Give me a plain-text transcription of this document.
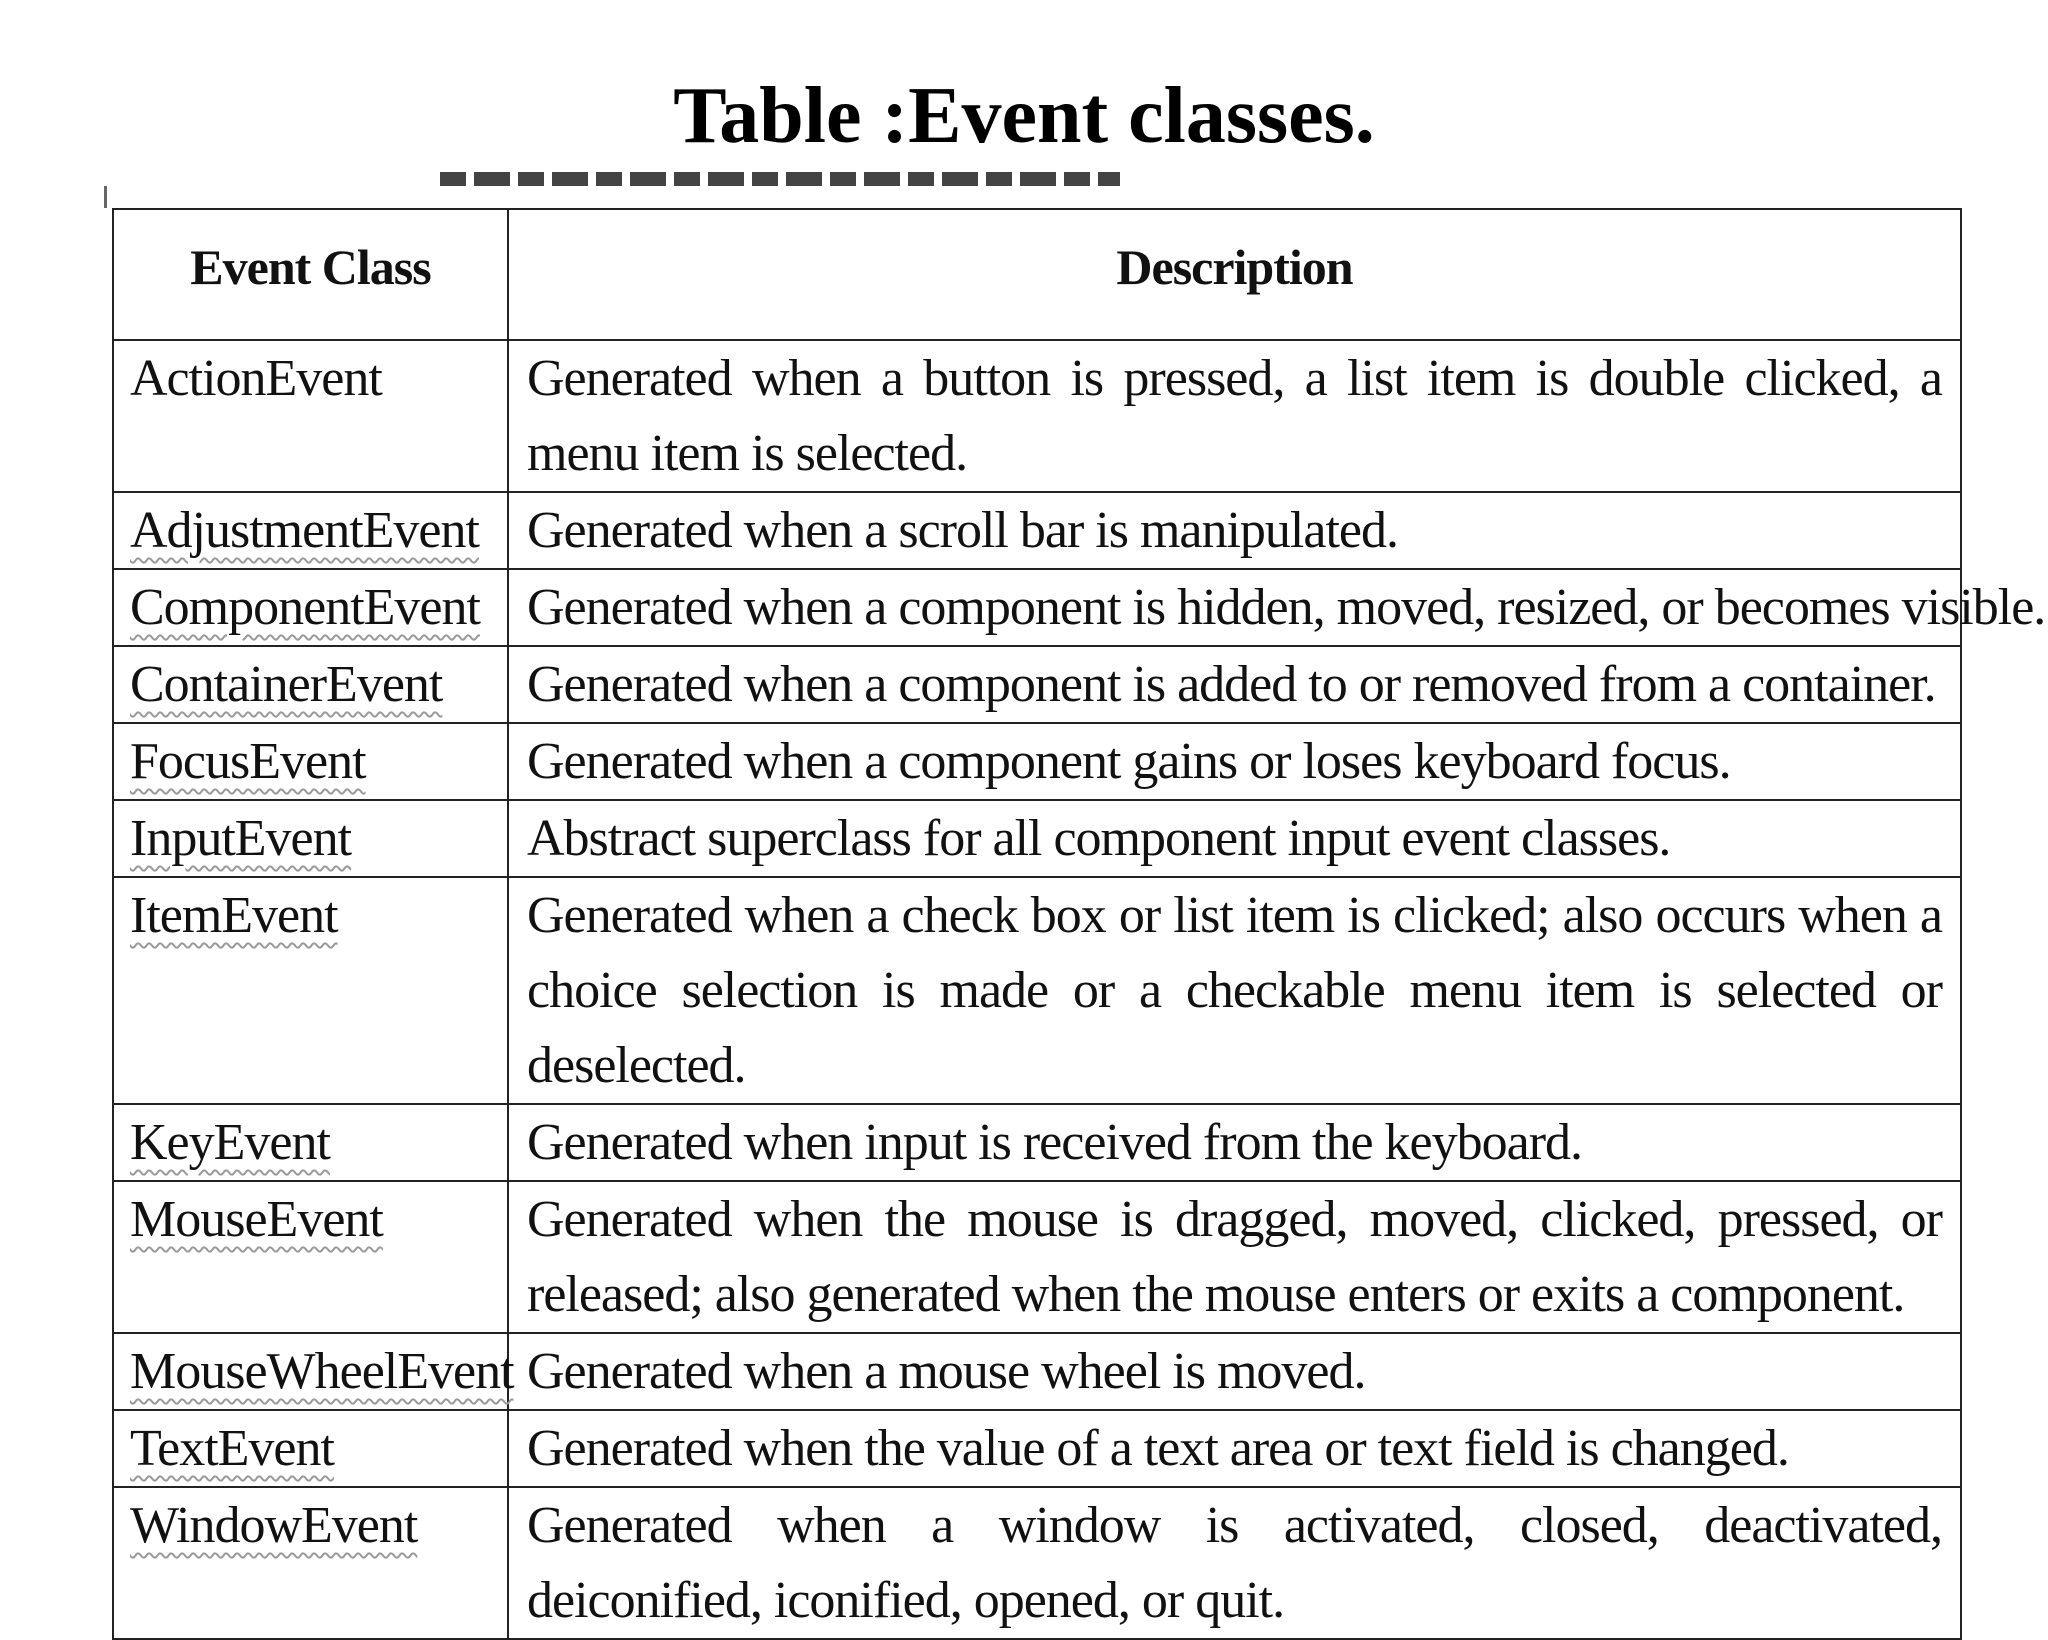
Table :Event classes.
Event Class	Description
ActionEvent	Generated when a button is pressed, a list item is double clicked, a menu item is selected.
AdjustmentEvent	Generated when a scroll bar is manipulated.
ComponentEvent	Generated when a component is hidden, moved, resized, or becomes visible.
ContainerEvent	Generated when a component is added to or removed from a container.
FocusEvent	Generated when a component gains or loses keyboard focus.
InputEvent	Abstract superclass for all component input event classes.
ItemEvent	Generated when a check box or list item is clicked; also occurs when a choice selection is made or a checkable menu item is selected or deselected.
KeyEvent	Generated when input is received from the keyboard.
MouseEvent	Generated when the mouse is dragged, moved, clicked, pressed, or released; also generated when the mouse enters or exits a component.
MouseWheelEvent	Generated when a mouse wheel is moved.
TextEvent	Generated when the value of a text area or text field is changed.
WindowEvent	Generated when a window is activated, closed, deactivated, deiconified, iconified, opened, or quit.
